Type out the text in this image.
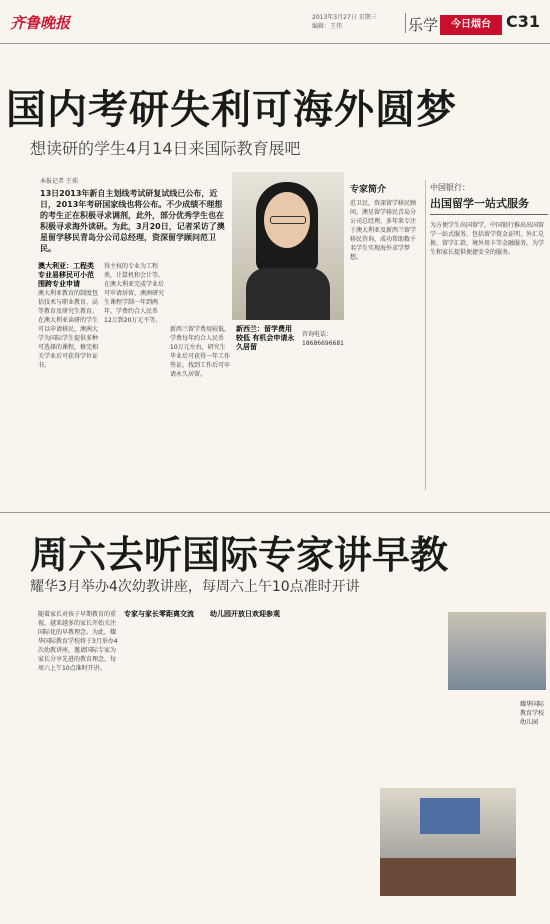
齐鲁晚报	2013年3月27日 星期三
编辑：王伟	乐学	今日烟台 C31
国内考研失利可海外圆梦
想读研的学生4月14日来国际教育展吧
本报记者 王琐
13日2013年新自主划线考试研复试线已公布，近日，2013年考研国家线也将公布。不少成绩不理想的考生正在积极寻求调剂，此外，部分优秀学生也在积极寻求海外读研。为此，3月20日，记者采访了澳星留学移民青岛分公司总经理，资深留学顾问范卫民。
专家简介
范卫民，资深留学移民顾问，澳星留学移民青岛分公司总经理，多年来专注于澳大利亚及新西兰留学移民咨询，成功帮助数千名学生实现海外求学梦想。
澳大利亚：工程类专业易移民可小范围跨专业申请
澳大利亚教育的制度包括技术与职业教育，高等教育及研究生教育。在澳大利亚读研的学生可以申请移民，澳洲大学为国际学生提供多种可选择的课程，修完相关学业后可获得学位证书。
得主权的专业为工程类，计算机和会计等，在澳大利亚完成学业后可申请居留，澳洲研究生课程学制一年到两年，学费约合人民币12万到20万元不等。
新西兰留学费用较低，学费每年约合人民币10万元左右，研究生毕业后可获得一年工作签证，找到工作后可申请永久居留。
新西兰：留学费用较低 有机会申请永久居留
咨询电话：18686696681
中国银行：
出国留学一站式服务
为方便学生出国留学，中国银行推出出国留学一站式服务，包括留学资金证明、外汇兑换、留学汇款、境外用卡等金融服务，为学生和家长提供便捷安全的服务。
周六去听国际专家讲早教
耀华3月举办4次幼教讲座，每周六上午10点准时开讲
随着家长对孩子早期教育的重视，越来越多的家长开始关注国际化的早教理念。为此，耀华国际教育学校将于3月举办4次幼教讲座，邀请国际专家为家长分享先进的教育理念，每周六上午10点准时开讲。
专家与家长零距离交流	幼儿园开放日欢迎参观
耀华国际教育学校幼儿园
